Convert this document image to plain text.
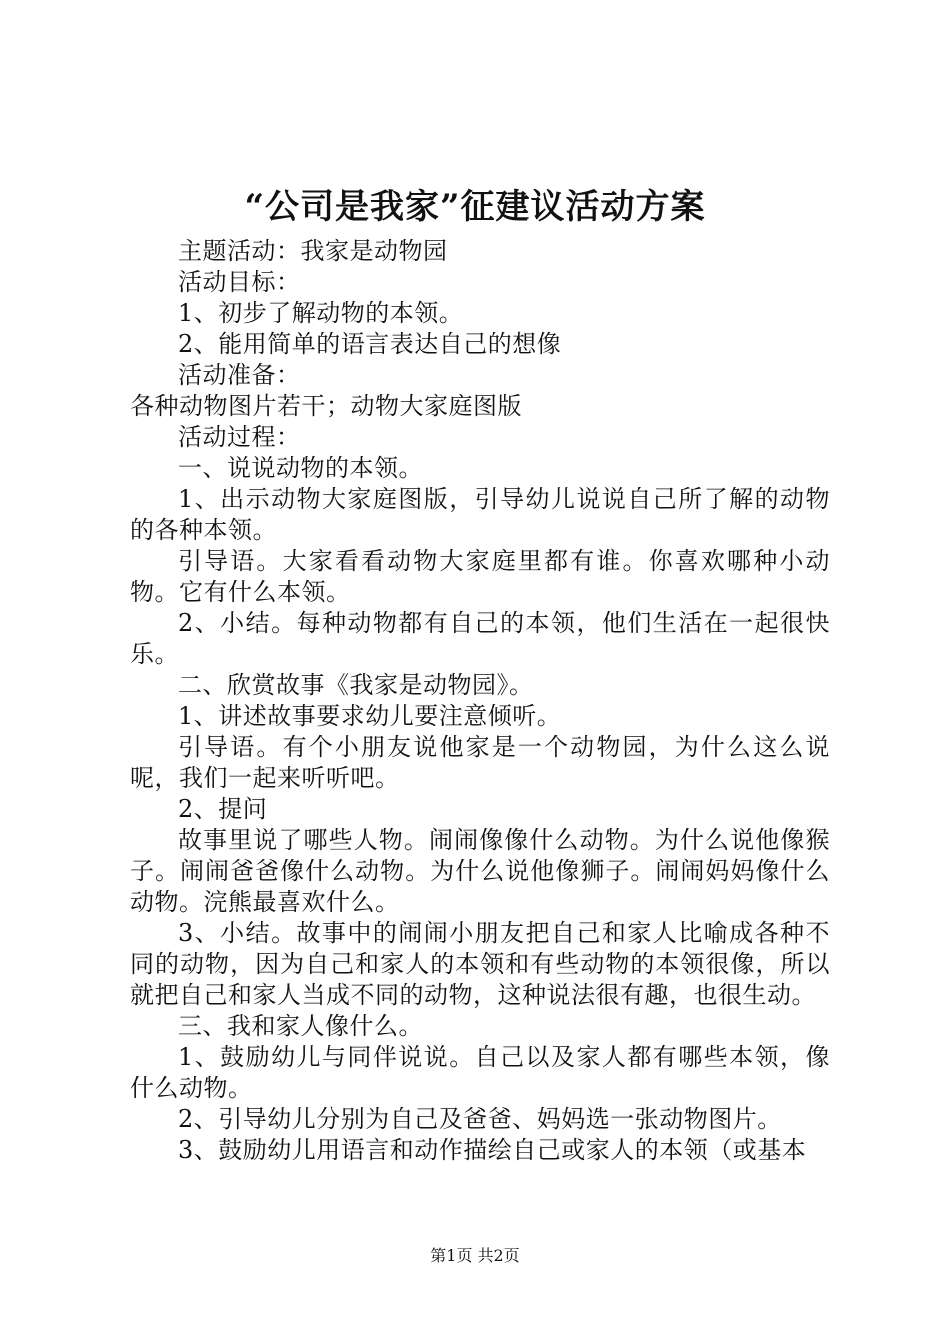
“公司是我家”征建议活动方案

主题活动：我家是动物园

活动目标：

1、初步了解动物的本领。

2、能用简单的语言表达自己的想像

活动准备：

各种动物图片若干；动物大家庭图版

活动过程：

一、说说动物的本领。

1、出示动物大家庭图版，引导幼儿说说自己所了解的动物的各种本领。

引导语。大家看看动物大家庭里都有谁。你喜欢哪种小动物。它有什么本领。

2、小结。每种动物都有自己的本领，他们生活在一起很快乐。

二、欣赏故事《我家是动物园》。

1、讲述故事要求幼儿要注意倾听。

引导语。有个小朋友说他家是一个动物园，为什么这么说呢，我们一起来听听吧。

2、提问

故事里说了哪些人物。闹闹像像什么动物。为什么说他像猴子。闹闹爸爸像什么动物。为什么说他像狮子。闹闹妈妈像什么动物。浣熊最喜欢什么。

3、小结。故事中的闹闹小朋友把自己和家人比喻成各种不同的动物，因为自己和家人的本领和有些动物的本领很像，所以就把自己和家人当成不同的动物，这种说法很有趣，也很生动。

三、我和家人像什么。

1、鼓励幼儿与同伴说说。自己以及家人都有哪些本领，像什么动物。

2、引导幼儿分别为自己及爸爸、妈妈选一张动物图片。

3、鼓励幼儿用语言和动作描绘自己或家人的本领（或基本

第1页 共2页
